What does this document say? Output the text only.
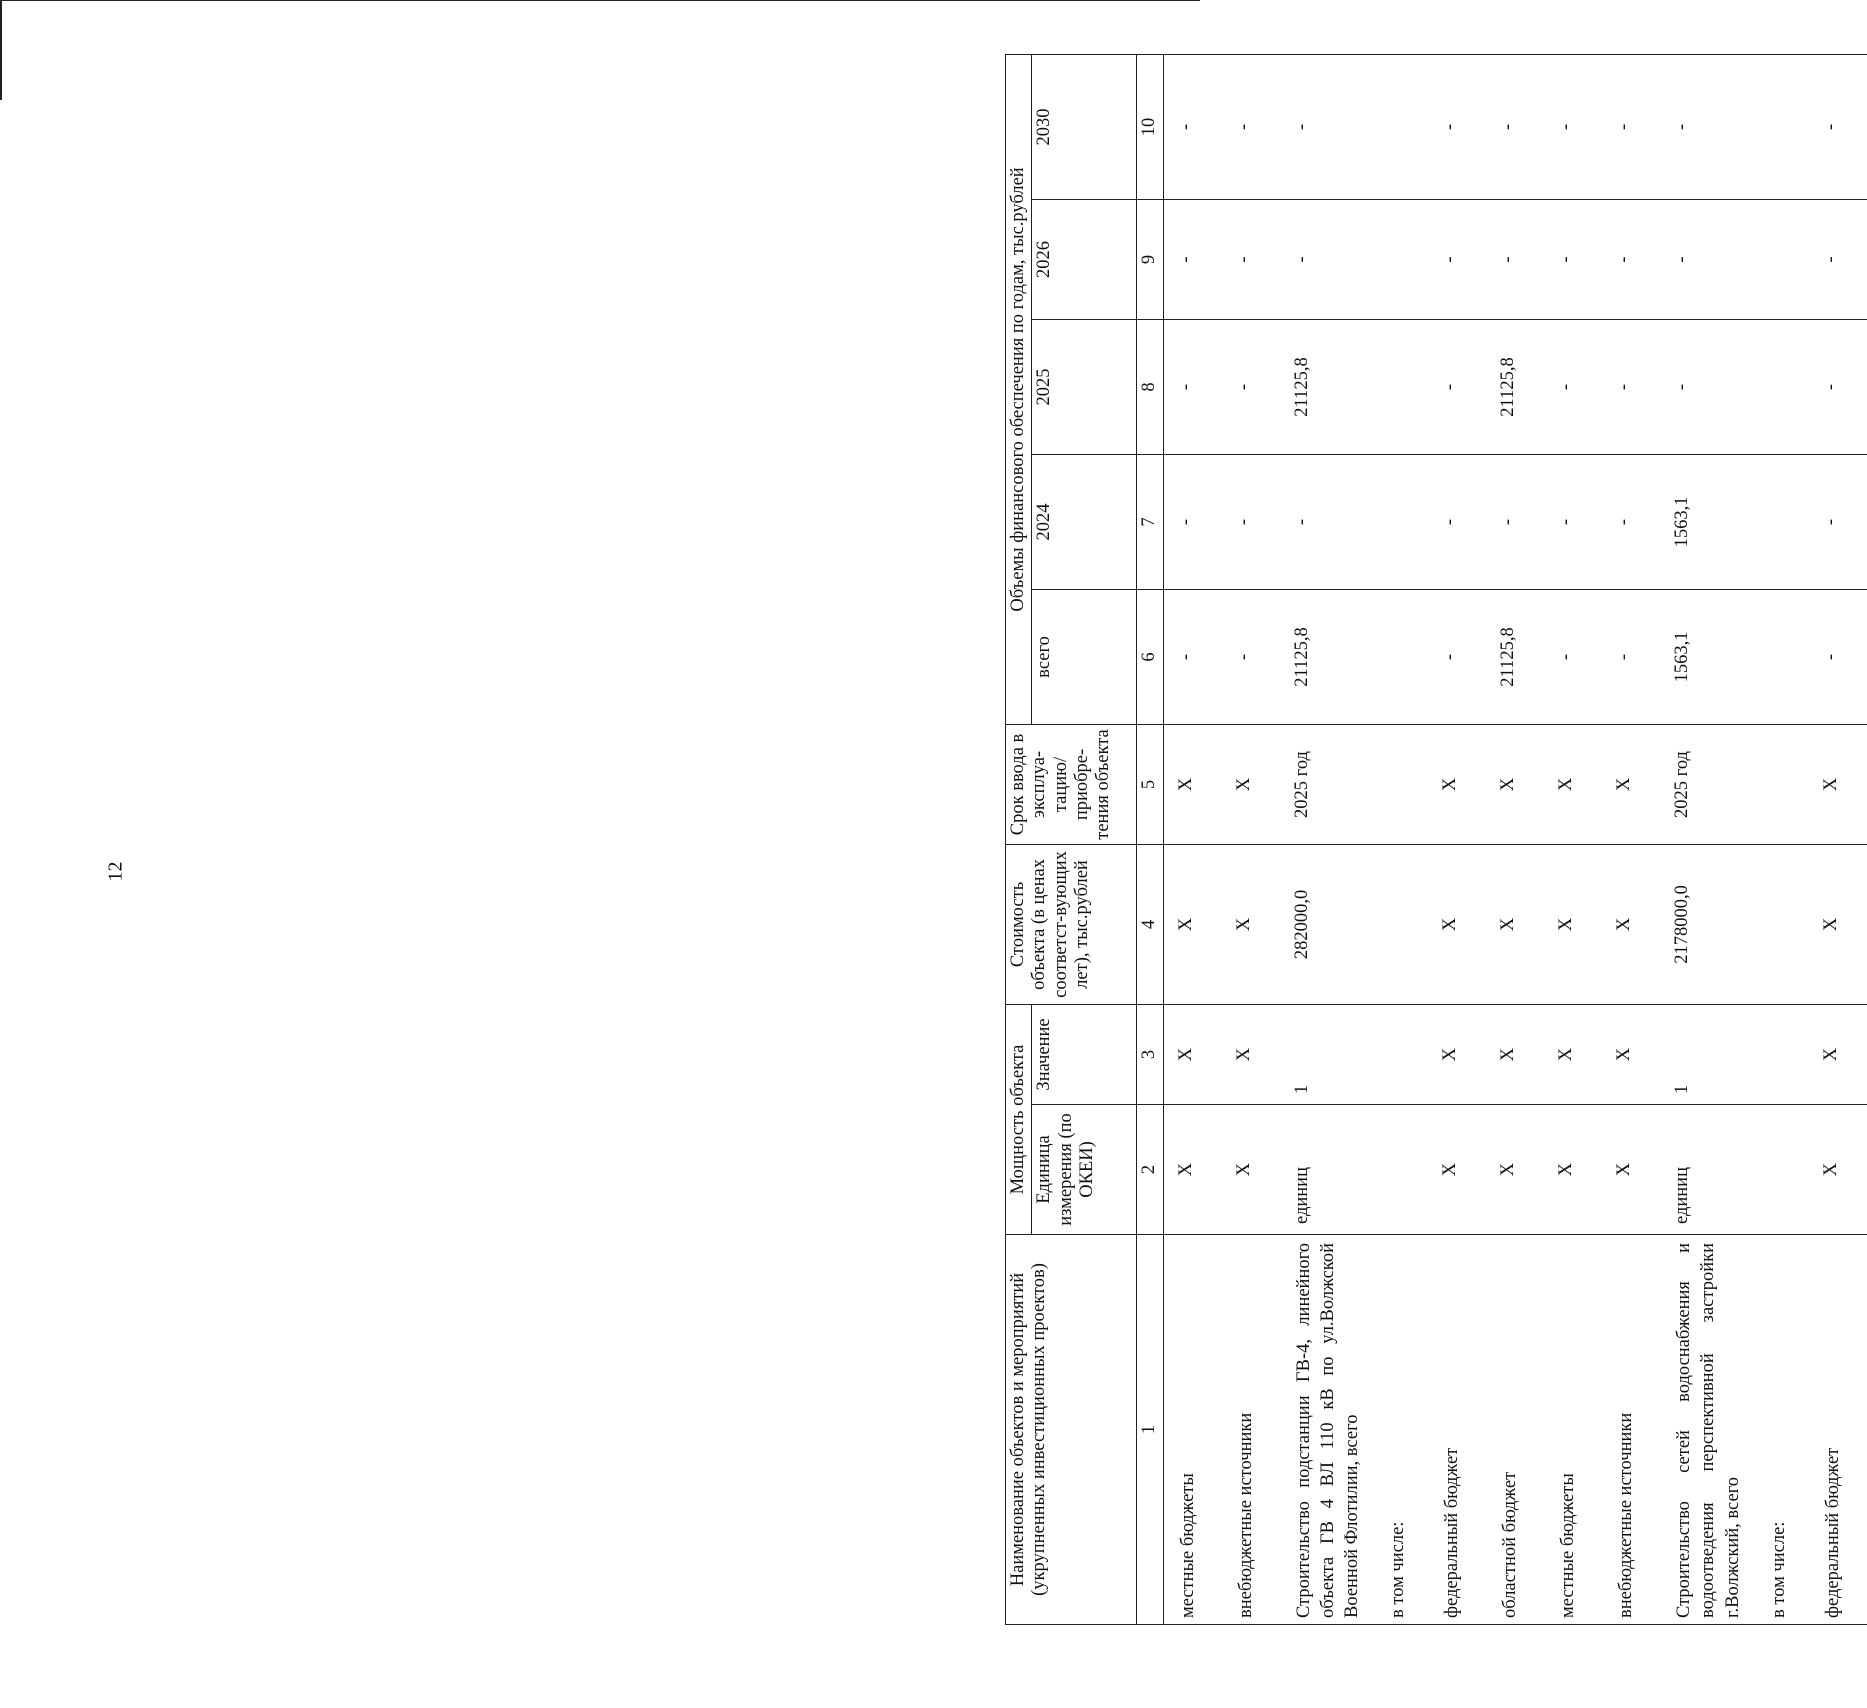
12
Наименование объектов и мероприятий (укрупненных инвестиционных проектов)	Мощность объекта		Стоимость объекта (в ценах соответст-вующих лет), тыс.рублей	Срок ввода в эксплуа-тацию/ приобре-тения объекта	Объемы финансового обеспечения по годам, тыс.рублей				
	Единица измерения (по ОКЕИ)	Значение			всего	2024	2025	2026	2030
1	2	3	4	5	6	7	8	9	10
местные бюджеты	Х	Х	Х	Х	-	-	-	-	-
внебюджетные источники	Х	Х	Х	Х	-	-	-	-	-
Строительство подстанции ГВ-4, линейного объекта ГВ 4 ВЛ 110 кВ по ул.Волжской Военной Флотилии, всего	единиц	1	282000,0	2025 год	21125,8	-	21125,8	-	-
в том числе:									
федеральный бюджет	Х	Х	Х	Х	-	-	-	-	-
областной бюджет	Х	Х	Х	Х	21125,8	-	21125,8	-	-
местные бюджеты	Х	Х	Х	Х	-	-	-	-	-
внебюджетные источники	Х	Х	Х	Х	-	-	-	-	-
Строительство сетей водоснабжения и водоотведения перспективной застройки г.Волжский, всего	единиц	1	2178000,0	2025 год	1563,1	1563,1	-	-	-
в том числе:									
федеральный бюджет	Х	Х	Х	Х	-	-	-	-	-
